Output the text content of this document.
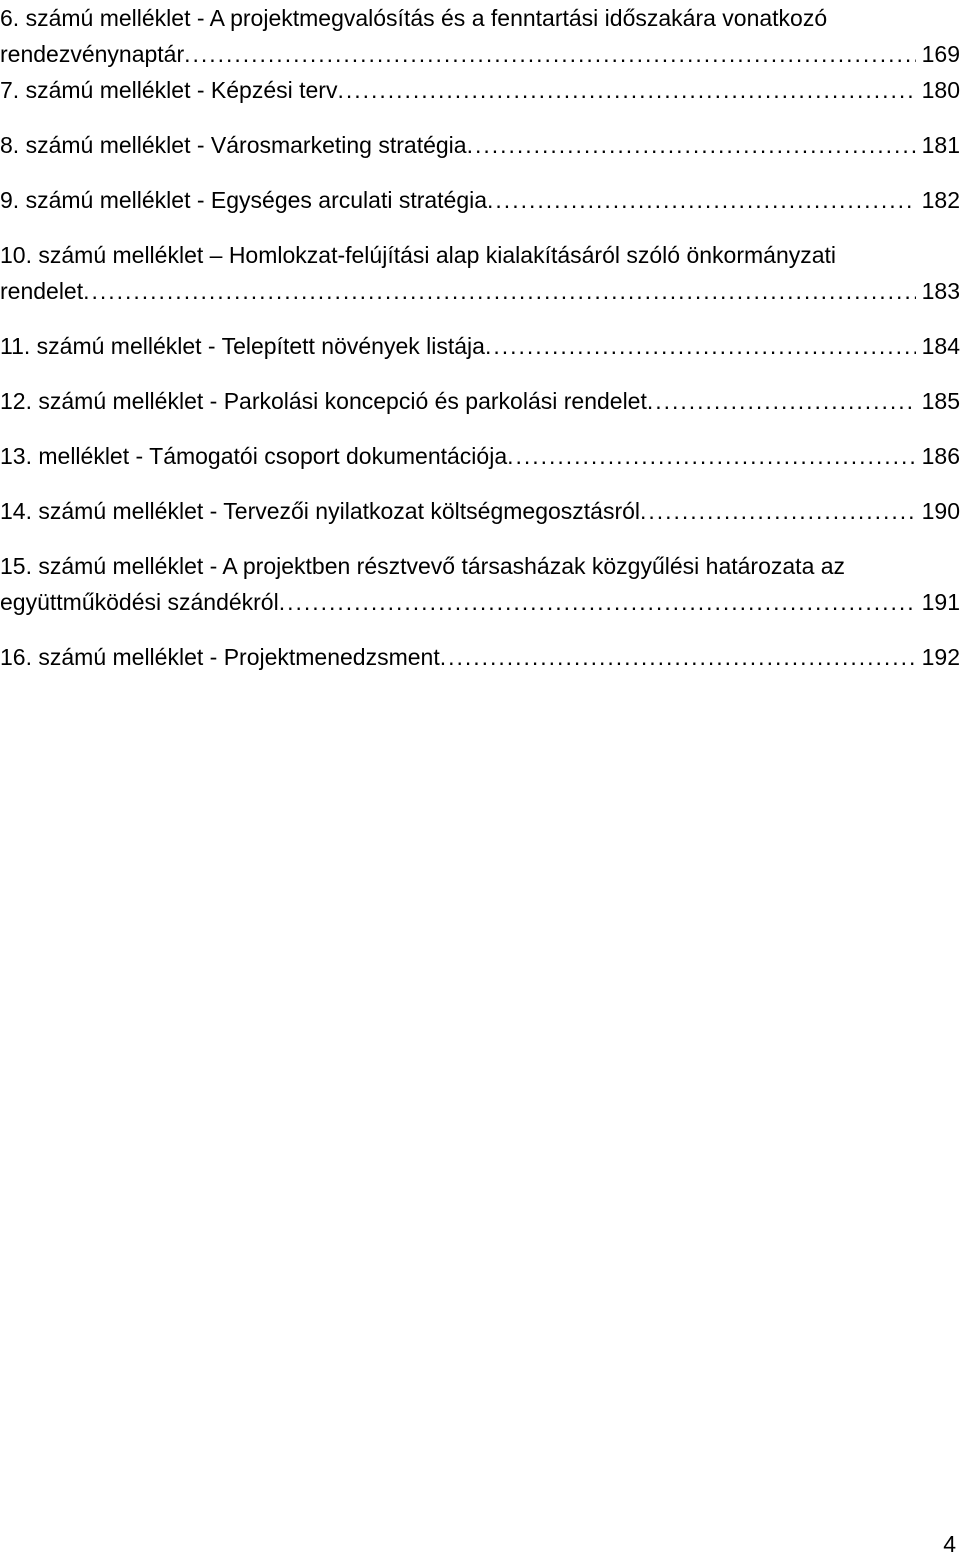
6. számú melléklet - A projektmegvalósítás és a fenntartási időszakára vonatkozó
rendezvénynaptár . . .	169
7. számú melléklet - Képzési terv . . .	180
8. számú melléklet - Városmarketing stratégia . . .	181
9. számú melléklet - Egységes arculati stratégia . . .	182
10. számú melléklet – Homlokzat-felújítási alap kialakításáról szóló önkormányzati
rendelet . . .	183
11. számú melléklet - Telepített növények listája . . .	184
12. számú melléklet - Parkolási koncepció és parkolási rendelet . . .	185
13. melléklet - Támogatói csoport dokumentációja . . .	186
14. számú melléklet - Tervezői nyilatkozat költségmegosztásról . . .	190
15. számú melléklet - A projektben résztvevő társasházak közgyűlési határozata az
együttműködési szándékról . . .	191
16. számú melléklet - Projektmenedzsment . . .	192
4
